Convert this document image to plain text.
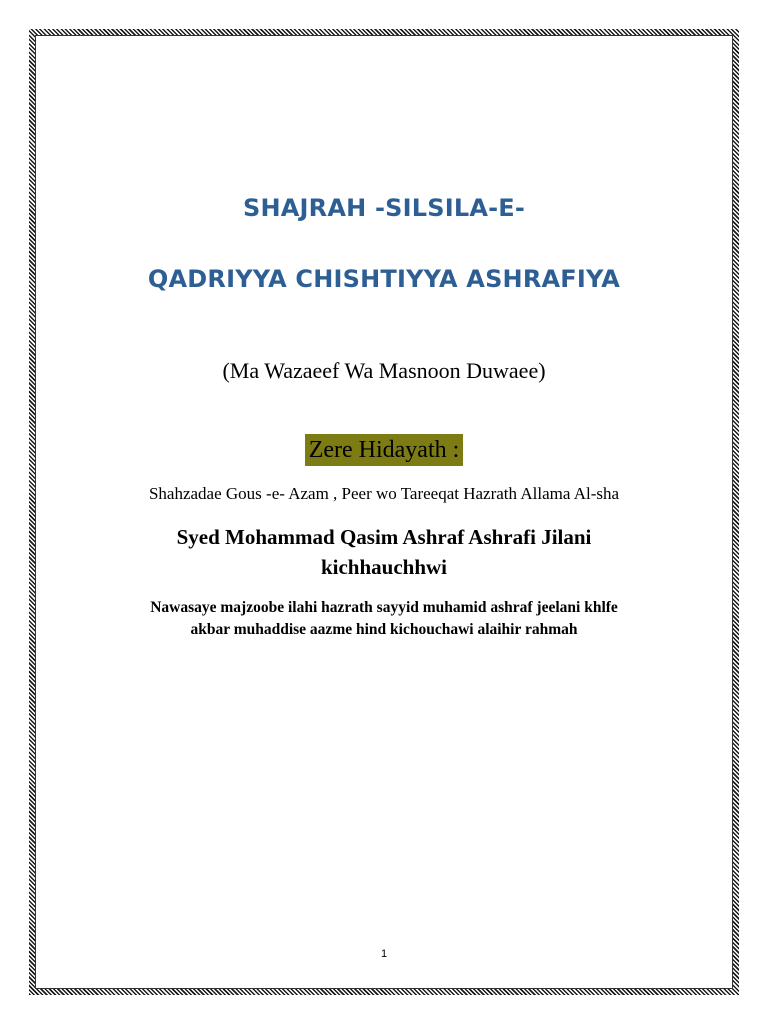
SHAJRAH -SILSILA-E-
QADRIYYA CHISHTIYYA ASHRAFIYA
(Ma Wazaeef Wa Masnoon Duwaee)
Zere Hidayath :
Shahzadae Gous -e- Azam , Peer wo Tareeqat Hazrath Allama Al-sha
Syed Mohammad Qasim Ashraf Ashrafi Jilani
kichhauchhwi
Nawasaye majzoobe ilahi hazrath sayyid muhamid ashraf jeelani khlfe
akbar muhaddise aazme hind kichouchawi alaihir rahmah
1
